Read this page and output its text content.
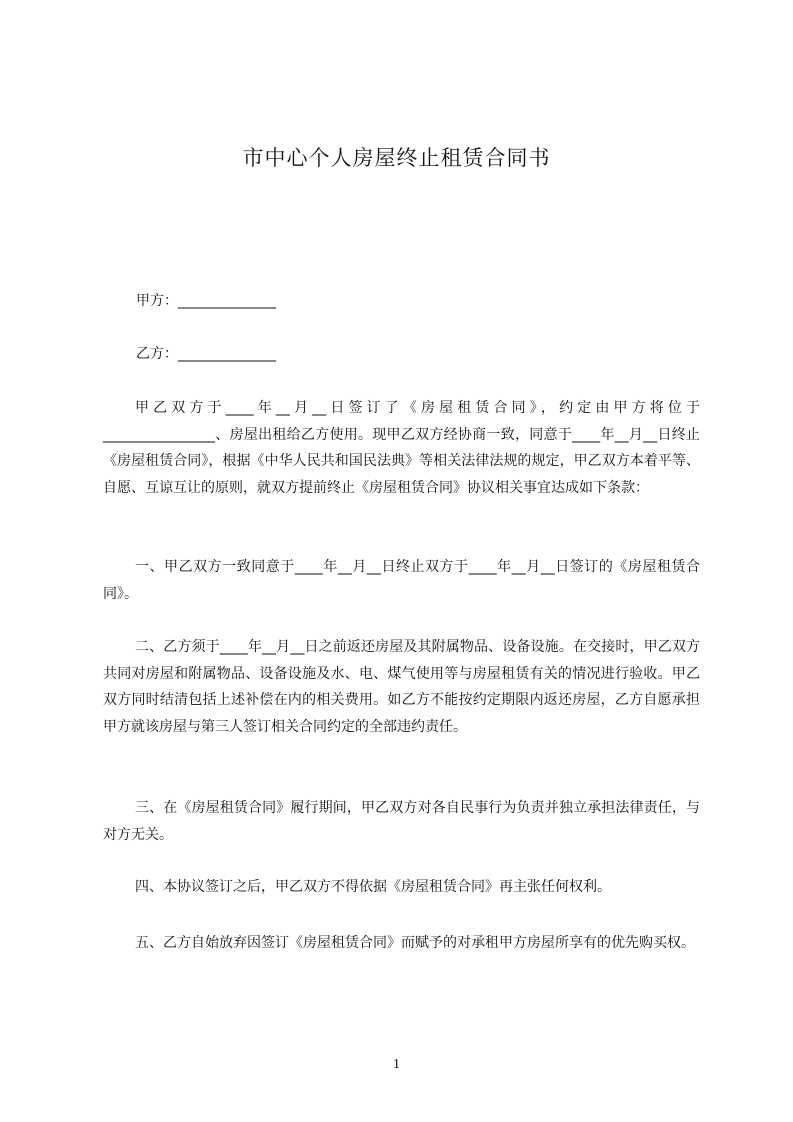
市中心个人房屋终止租赁合同书
甲方：______________
乙方：______________

甲乙双方于____年__月__日签订了《房屋租赁合同》，约定由甲方将位于________________、房屋出租给乙方使用。现甲乙双方经协商一致，同意于____年__月__日终止《房屋租赁合同》，根据《中华人民共和国民法典》等相关法律法规的规定，甲乙双方本着平等、自愿、互谅互让的原则，就双方提前终止《房屋租赁合同》协议相关事宜达成如下条款：

一、甲乙双方一致同意于____年__月__日终止双方于____年__月__日签订的《房屋租赁合同》。

二、乙方须于____年__月__日之前返还房屋及其附属物品、设备设施。在交接时，甲乙双方共同对房屋和附属物品、设备设施及水、电、煤气使用等与房屋租赁有关的情况进行验收。甲乙双方同时结清包括上述补偿在内的相关费用。如乙方不能按约定期限内返还房屋，乙方自愿承担甲方就该房屋与第三人签订相关合同约定的全部违约责任。

三、在《房屋租赁合同》履行期间，甲乙双方对各自民事行为负责并独立承担法律责任，与对方无关。

四、本协议签订之后，甲乙双方不得依据《房屋租赁合同》再主张任何权利。

五、乙方自始放弃因签订《房屋租赁合同》而赋予的对承租甲方房屋所享有的优先购买权。

1
